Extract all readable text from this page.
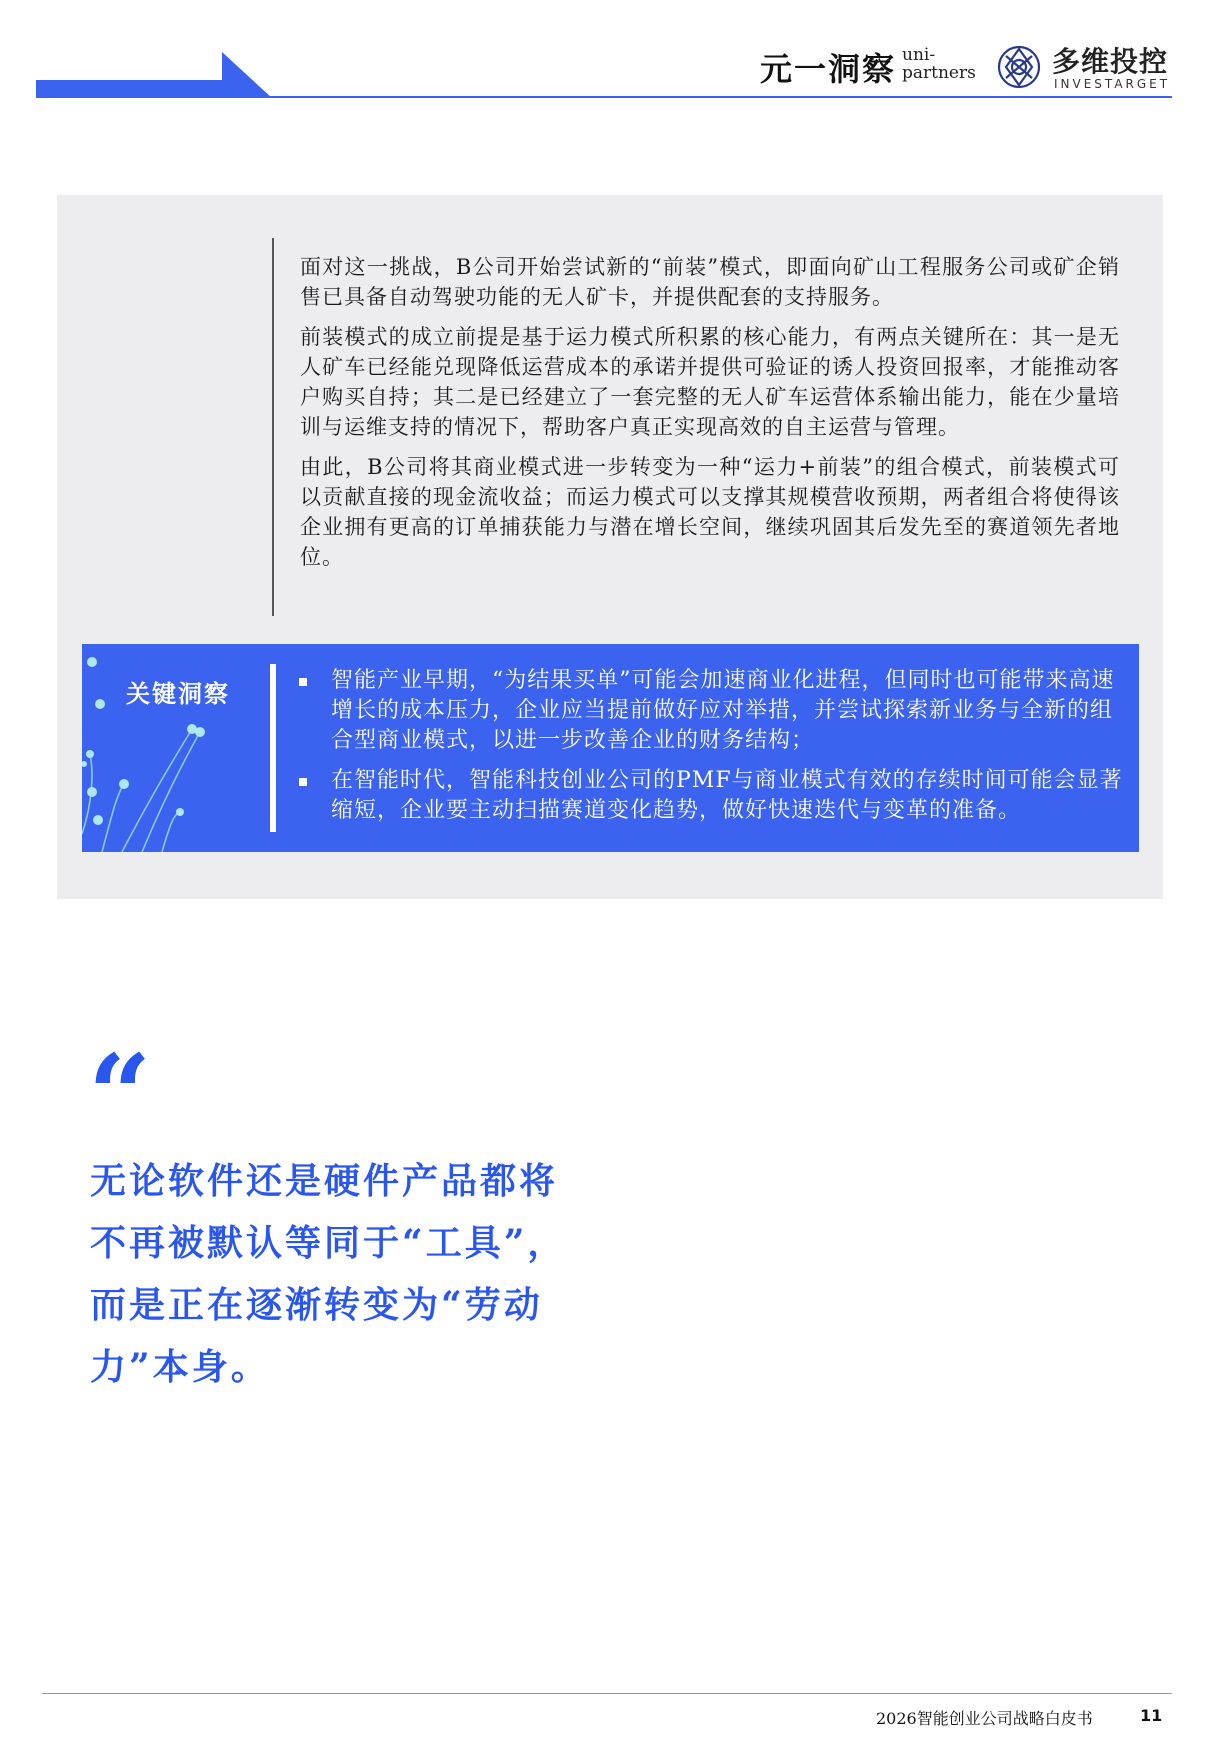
元一洞察 uni-
partners	多维投控
INVESTARGET

面对这一挑战，B公司开始尝试新的“前装”模式，即面向矿山工程服务公司或矿企销售已具备自动驾驶功能的无人矿卡，并提供配套的支持服务。

前装模式的成立前提是基于运力模式所积累的核心能力，有两点关键所在：其一是无人矿车已经能兑现降低运营成本的承诺并提供可验证的诱人投资回报率，才能推动客户购买自持；其二是已经建立了一套完整的无人矿车运营体系输出能力，能在少量培训与运维支持的情况下，帮助客户真正实现高效的自主运营与管理。

由此，B公司将其商业模式进一步转变为一种“运力+前装”的组合模式，前装模式可以贡献直接的现金流收益；而运力模式可以支撑其规模营收预期，两者组合将使得该企业拥有更高的订单捕获能力与潜在增长空间，继续巩固其后发先至的赛道领先者地位。

关键洞察	智能产业早期，“为结果买单”可能会加速商业化进程，但同时也可能带来高速增长的成本压力，企业应当提前做好应对举措，并尝试探索新业务与全新的组合型商业模式，以进一步改善企业的财务结构；
在智能时代，智能科技创业公司的PMF与商业模式有效的存续时间可能会显著缩短，企业要主动扫描赛道变化趋势，做好快速迭代与变革的准备。
“
无论软件还是硬件产品都将
不再被默认等同于“工具”，
而是正在逐渐转变为“劳动
力”本身。
2026智能创业公司战略白皮书	11
